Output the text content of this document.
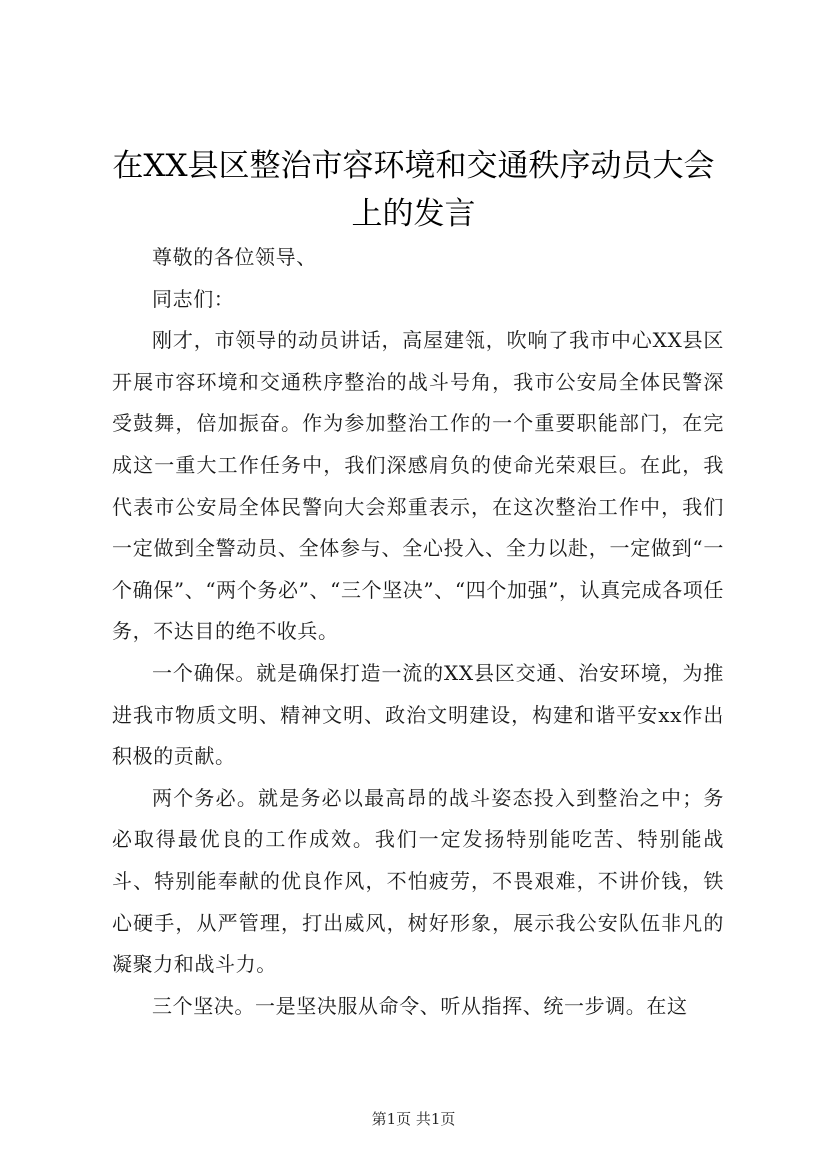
在XX县区整治市容环境和交通秩序动员大会上的发言

尊敬的各位领导、

同志们：

刚才，市领导的动员讲话，高屋建瓴，吹响了我市中心XX县区开展市容环境和交通秩序整治的战斗号角，我市公安局全体民警深受鼓舞，倍加振奋。作为参加整治工作的一个重要职能部门，在完成这一重大工作任务中，我们深感肩负的使命光荣艰巨。在此，我代表市公安局全体民警向大会郑重表示，在这次整治工作中，我们一定做到全警动员、全体参与、全心投入、全力以赴，一定做到“一个确保”、“两个务必”、“三个坚决”、“四个加强”，认真完成各项任务，不达目的绝不收兵。

一个确保。就是确保打造一流的XX县区交通、治安环境，为推进我市物质文明、精神文明、政治文明建设，构建和谐平安xx作出积极的贡献。

两个务必。就是务必以最高昂的战斗姿态投入到整治之中；务必取得最优良的工作成效。我们一定发扬特别能吃苦、特别能战斗、特别能奉献的优良作风，不怕疲劳，不畏艰难，不讲价钱，铁心硬手，从严管理，打出威风，树好形象，展示我公安队伍非凡的凝聚力和战斗力。

三个坚决。一是坚决服从命令、听从指挥、统一步调。在这

第1页 共1页
